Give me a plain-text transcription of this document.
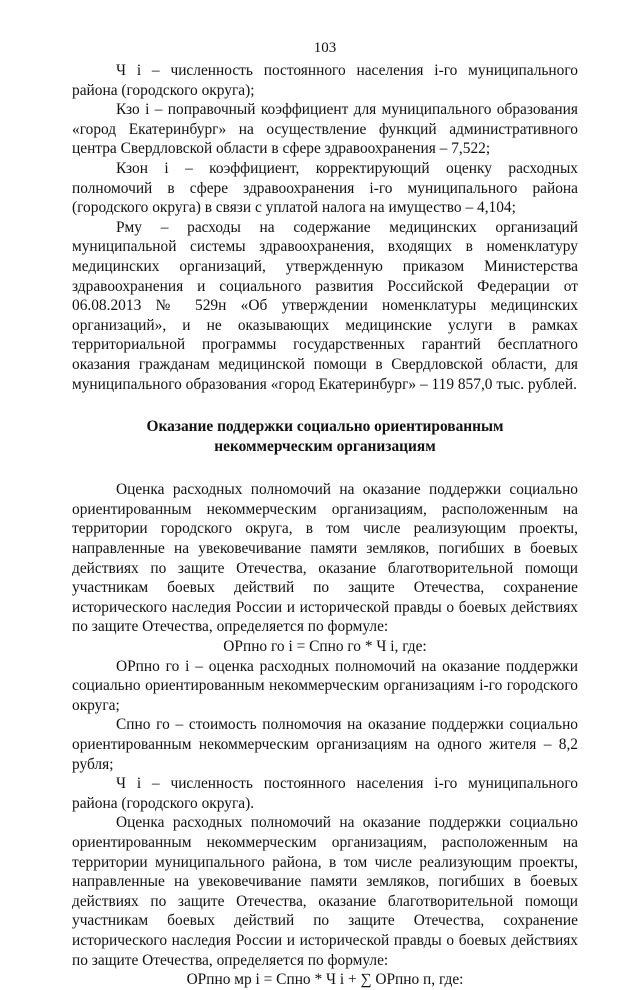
103

Ч i – численность постоянного населения i-го муниципального района (городского округа);

Кзо i – поправочный коэффициент для муниципального образования «город Екатеринбург» на осуществление функций административного центра Свердловской области в сфере здравоохранения – 7,522;

Кзон i – коэффициент, корректирующий оценку расходных полномочий в сфере здравоохранения i-го муниципального района (городского округа) в связи с уплатой налога на имущество – 4,104;

Рму – расходы на содержание медицинских организаций муниципальной системы здравоохранения, входящих в номенклатуру медицинских организаций, утвержденную приказом Министерства здравоохранения и социального развития Российской Федерации от 06.08.2013 № 529н «Об утверждении номенклатуры медицинских организаций», и не оказывающих медицинские услуги в рамках территориальной программы государственных гарантий бесплатного оказания гражданам медицинской помощи в Свердловской области, для муниципального образования «город Екатеринбург» – 119 857,0 тыс. рублей.

Оказание поддержки социально ориентированным
некоммерческим организациям

Оценка расходных полномочий на оказание поддержки социально ориентированным некоммерческим организациям, расположенным на территории городского округа, в том числе реализующим проекты, направленные на увековечивание памяти земляков, погибших в боевых действиях по защите Отечества, оказание благотворительной помощи участникам боевых действий по защите Отечества, сохранение исторического наследия России и исторической правды о боевых действиях по защите Отечества, определяется по формуле:

ОРпно го i = Спно го * Ч i, где:

ОРпно го i – оценка расходных полномочий на оказание поддержки социально ориентированным некоммерческим организациям i-го городского округа;

Спно го – стоимость полномочия на оказание поддержки социально ориентированным некоммерческим организациям на одного жителя – 8,2 рубля;

Ч i – численность постоянного населения i-го муниципального района (городского округа).

Оценка расходных полномочий на оказание поддержки социально ориентированным некоммерческим организациям, расположенным на территории муниципального района, в том числе реализующим проекты, направленные на увековечивание памяти земляков, погибших в боевых действиях по защите Отечества, оказание благотворительной помощи участникам боевых действий по защите Отечества, сохранение исторического наследия России и исторической правды о боевых действиях по защите Отечества, определяется по формуле:

ОРпно мр i = Спно * Ч i + ∑ ОРпно п, где:
